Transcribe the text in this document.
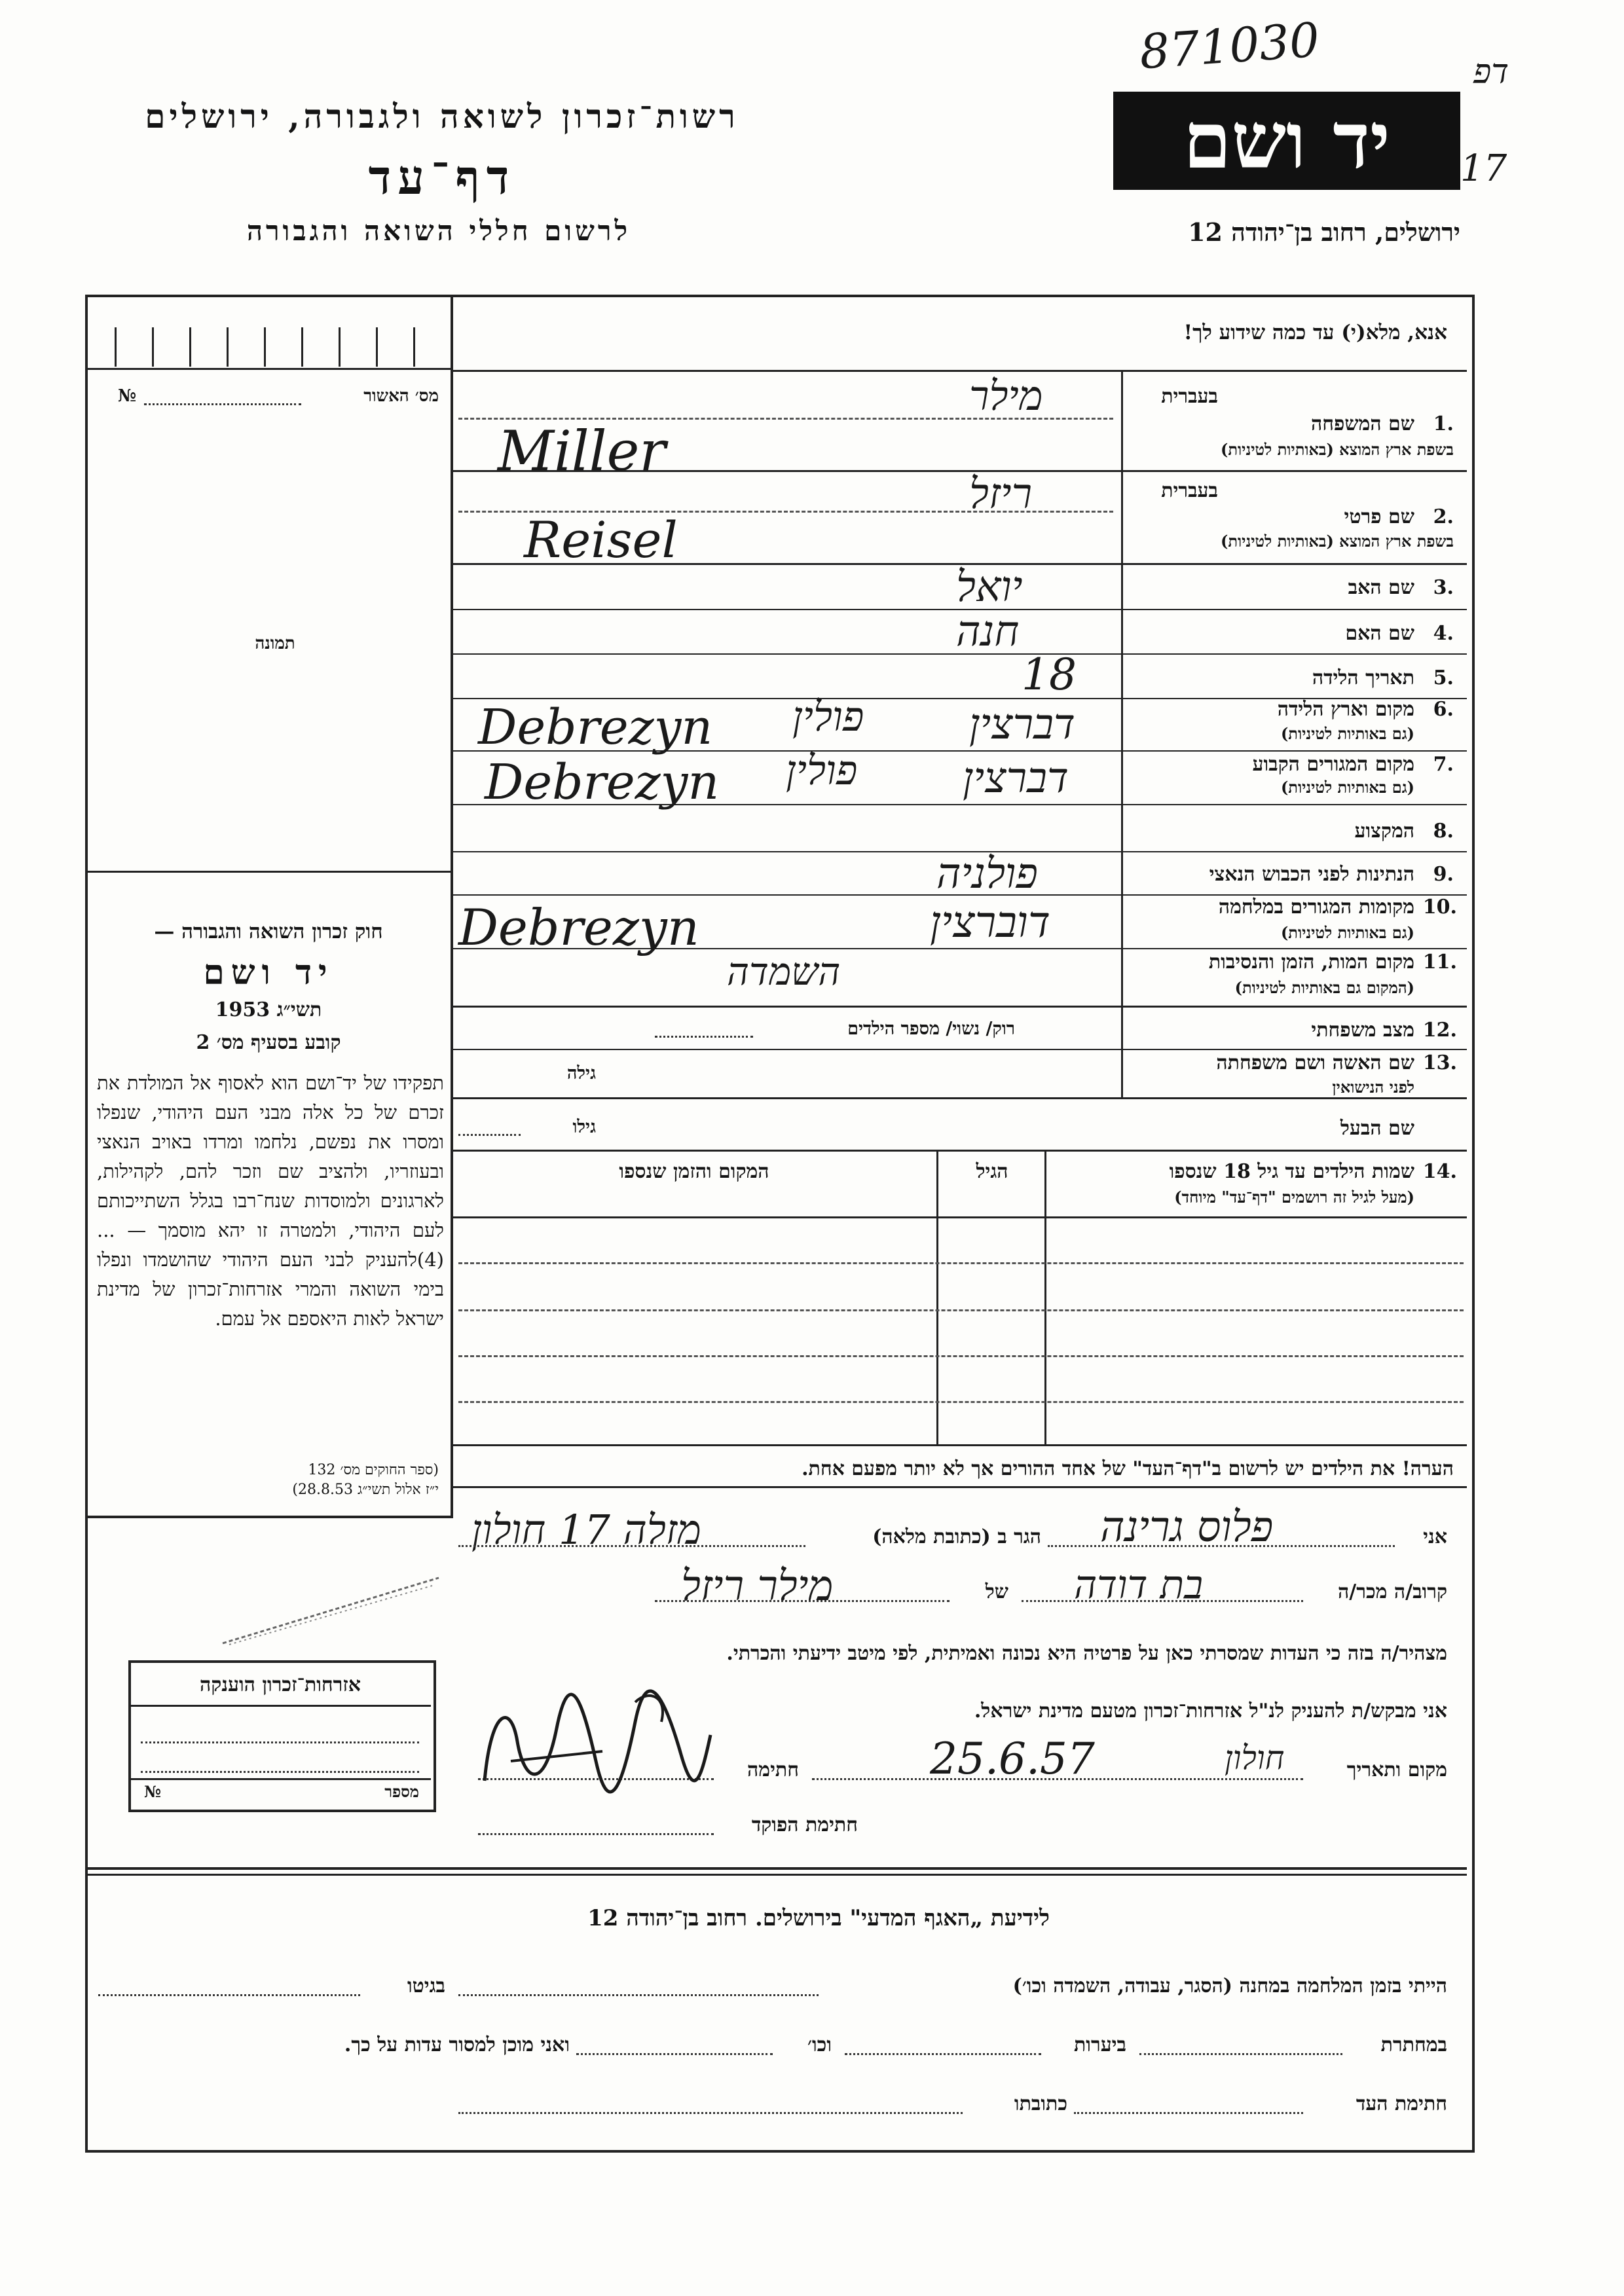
871030	דפ
17
רשות־זכרון לשואה ולגבורה, ירושלים
דף־עד
לרשום חללי השואה והגבורה
יד ושם
ירושלים, רחוב בן־יהודה 12
אנא, מלא(י) עד כמה שידוע לך!
מס׳ האשור
№
תמונה
חוק זכרון השואה והגבורה —
יד ושם
תשי״ג 1953
קובע בסעיף מס׳ 2
תפקידו של יד־ושם הוא לאסוף אל המולדת את זכרם של כל אלה מבני העם היהודי, שנפלו ומסרו את נפשם, נלחמו ומרדו באויב הנאצי ובעוזריו, ולהציב שם וזכר להם, לקהילות, לארגונים ולמוסדות שנח־רבו בגלל השתייכותם לעם היהודי, ולמטרה זו יהא מוסמך — ...(4)להעניק לבני העם היהודי שהושמדו ונפלו בימי השואה והמרי אזרחות־זכרון של מדינת ישראל לאות היאספם אל עמם.
(ספר החוקים מס׳ 132
י״ז אלול תשי״ג 28.8.53)
בעברית
1.
שם המשפחה
בשפת ארץ המוצא (באותיות לטיניות)
בעברית
2.
שם פרטי
בשפת ארץ המוצא (באותיות לטיניות)
3.
שם האב
4.
שם האם
5.
תאריך הלידה
6.
מקום וארץ הלידה
(גם באותיות לטיניות)
7.
מקום המגורים הקבוע
(גם באותיות לטיניות)
8.
המקצוע
9.
הנתינות לפני הכבוש הנאצי
10.
מקומות המגורים במלחמה
(גם באותיות לטיניות)
11.
מקום המות, הזמן והנסיבות
(המקום גם באותיות לטיניות)
12.
מצב משפחתי
רוק/ נשוי/ מספר הילדים
13.
שם האשה ושם משפחתה
לפני הנישואין
גילה
שם הבעל
גילו
14.
שמות הילדים עד גיל 18 שנספו
(מעל לגיל זה רושמים "דף־עד" מיוחד)
הגיל
המקום והזמן שנספו
הערה! את הילדים יש לרשום ב"דף־העד" של אחד ההורים אך לא יותר מפעם אחת.
מילר
Miller
ריזל
Reisel
יואל
חנה
18
דברצין
פולין
Debrezyn
דברצין
פולין
Debrezyn
פולניה
דוברצין
Debrezyn
השמדה
אני
פלוס גרינה
הגר ב (כתובת מלאה)
מזלה 17 חולון
קרוב/ה מכר/ה
בת דודה
של
מילר ריזל
מצהיר/ה בזה כי העדות שמסרתי כאן על פרטיה היא נכונה ואמיתית, לפי מיטב ידיעתי והכרתי.
אני מבקש/ת להעניק לנ"ל אזרחות־זכרון מטעם מדינת ישראל.
מקום ותאריך
חולון
25.6.57
חתימה
חתימת הפוקד
אזרחות־זכרון הוענקה
מספר
№
לידיעת „האגף המדעי" בירושלים. רחוב בן־יהודה 12
הייתי בזמן המלחמה במחנה (הסגר, עבודה, השמדה וכו׳)
בגיטו
במחתרת
ביערות
וכו׳
ואני מוכן למסור עדות על כך.
חתימת העד
כתובתו
